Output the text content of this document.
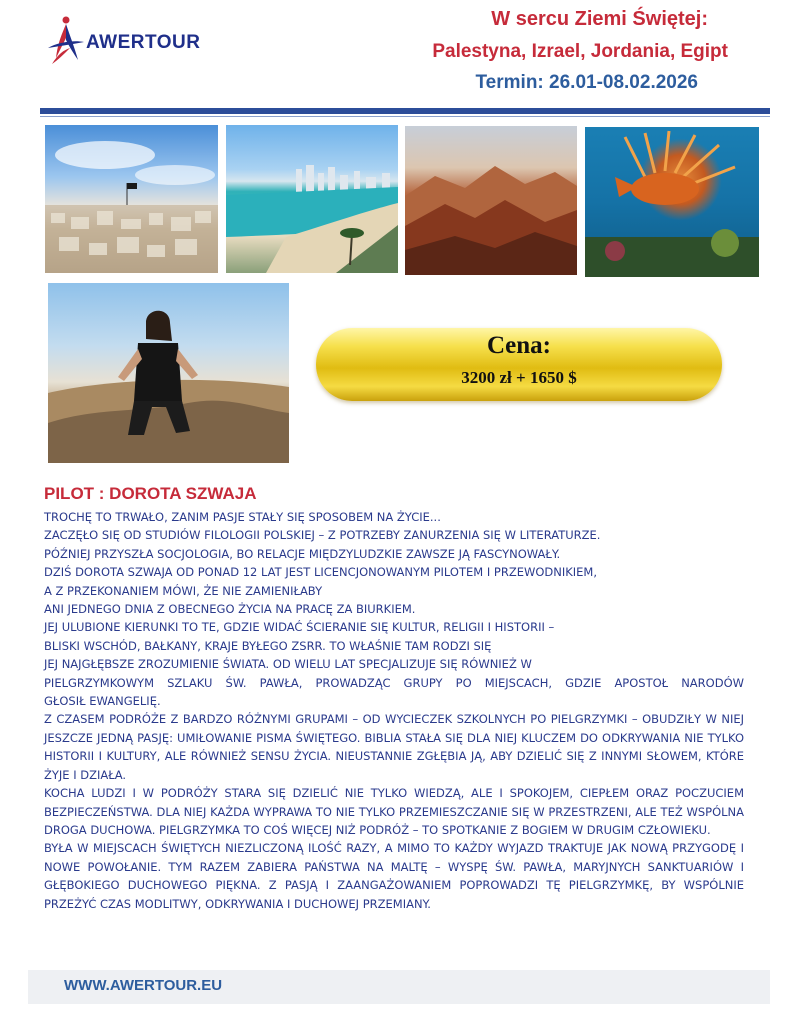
AWERTOUR
W sercu Ziemi Świętej:
Palestyna, Izrael, Jordania, Egipt
Termin: 26.01-08.02.2026
Cena:
3200 zł + 1650 $
PILOT : DOROTA SZWAJA

TROCHĘ TO TRWAŁO, ZANIM PASJE STAŁY SIĘ SPOSOBEM NA ŻYCIE...

ZACZĘŁO SIĘ OD STUDIÓW FILOLOGII POLSKIEJ – Z POTRZEBY ZANURZENIA SIĘ W LITERATURZE.

PÓŹNIEJ PRZYSZŁA SOCJOLOGIA, BO RELACJE MIĘDZYLUDZKIE ZAWSZE JĄ FASCYNOWAŁY.

DZIŚ DOROTA SZWAJA OD PONAD 12 LAT JEST LICENCJONOWANYM PILOTEM I PRZEWODNIKIEM,

A Z PRZEKONANIEM MÓWI, ŻE NIE ZAMIENIŁABY

ANI JEDNEGO DNIA Z OBECNEGO ŻYCIA NA PRACĘ ZA BIURKIEM.

JEJ ULUBIONE KIERUNKI TO TE, GDZIE WIDAĆ ŚCIERANIE SIĘ KULTUR, RELIGII I HISTORII –

BLISKI WSCHÓD, BAŁKANY, KRAJE BYŁEGO ZSRR. TO WŁAŚNIE TAM RODZI SIĘ

JEJ NAJGŁĘBSZE ZROZUMIENIE ŚWIATA. OD WIELU LAT SPECJALIZUJE SIĘ RÓWNIEŻ W

PIELGRZYMKOWYM SZLAKU ŚW. PAWŁA, PROWADZĄC GRUPY PO MIEJSCACH, GDZIE APOSTOŁ NARODÓW

GŁOSIŁ EWANGELIĘ.

Z CZASEM PODRÓŻE Z BARDZO RÓŻNYMI GRUPAMI – OD WYCIECZEK SZKOLNYCH PO PIELGRZYMKI – OBUDZIŁY W NIEJ JESZCZE JEDNĄ PASJĘ: UMIŁOWANIE PISMA ŚWIĘTEGO. BIBLIA STAŁA SIĘ DLA NIEJ KLUCZEM DO ODKRYWANIA NIE TYLKO HISTORII I KULTURY, ALE RÓWNIEŻ SENSU ŻYCIA. NIEUSTANNIE ZGŁĘBIA JĄ, ABY DZIELIĆ SIĘ Z INNYMI SŁOWEM, KTÓRE ŻYJE I DZIAŁA.

KOCHA LUDZI I W PODRÓŻY STARA SIĘ DZIELIĆ NIE TYLKO WIEDZĄ, ALE I SPOKOJEM, CIEPŁEM ORAZ POCZUCIEM BEZPIECZEŃSTWA. DLA NIEJ KAŻDA WYPRAWA TO NIE TYLKO PRZEMIESZCZANIE SIĘ W PRZESTRZENI, ALE TEŻ WSPÓLNA DROGA DUCHOWA. PIELGRZYMKA TO COŚ WIĘCEJ NIŻ PODRÓŻ – TO SPOTKANIE Z BOGIEM W DRUGIM CZŁOWIEKU.

BYŁA W MIEJSCACH ŚWIĘTYCH NIEZLICZONĄ ILOŚĆ RAZY, A MIMO TO KAŻDY WYJAZD TRAKTUJE JAK NOWĄ PRZYGODĘ I NOWE POWOŁANIE. TYM RAZEM ZABIERA PAŃSTWA NA MALTĘ – WYSPĘ ŚW. PAWŁA, MARYJNYCH SANKTUARIÓW I GŁĘBOKIEGO DUCHOWEGO PIĘKNA. Z PASJĄ I ZAANGAŻOWANIEM POPROWADZI TĘ PIELGRZYMKĘ, BY WSPÓLNIE PRZEŻYĆ CZAS MODLITWY, ODKRYWANIA I DUCHOWEJ PRZEMIANY.

WWW.AWERTOUR.EU
